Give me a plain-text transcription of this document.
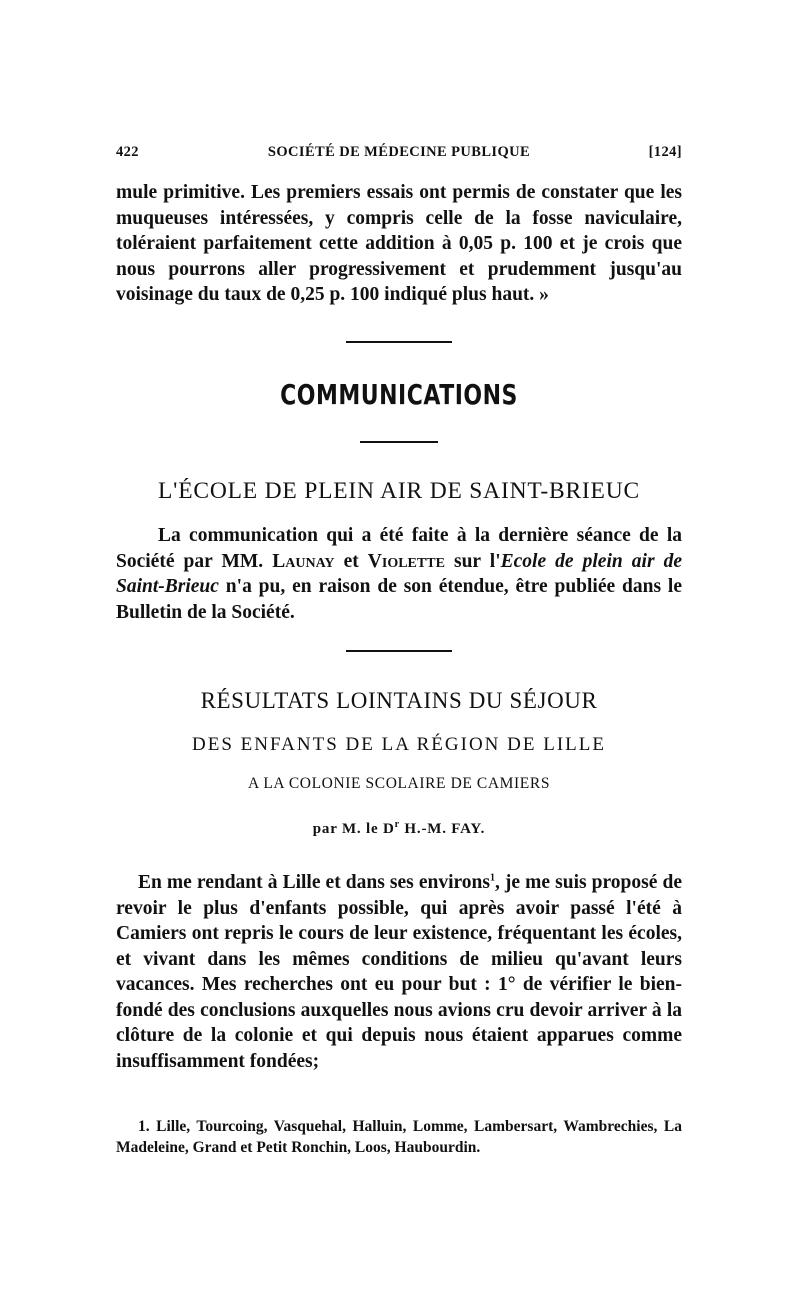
422	SOCIÉTÉ DE MÉDECINE PUBLIQUE	[124]

mule primitive. Les premiers essais ont permis de constater que les muqueuses intéressées, y compris celle de la fosse naviculaire, toléraient parfaitement cette addition à 0,05 p. 100 et je crois que nous pourrons aller progressivement et prudemment jusqu'au voisinage du taux de 0,25 p. 100 indiqué plus haut. »

COMMUNICATIONS
L'ÉCOLE DE PLEIN AIR DE SAINT-BRIEUC

La communication qui a été faite à la dernière séance de la Société par MM. Launay et Violette sur l'Ecole de plein air de Saint-Brieuc n'a pu, en raison de son étendue, être publiée dans le Bulletin de la Société.

RÉSULTATS LOINTAINS DU SÉJOUR
DES ENFANTS DE LA RÉGION DE LILLE
A LA COLONIE SCOLAIRE DE CAMIERS
par M. le $D^r$ H.-M. FAY.

En me rendant à Lille et dans ses environs$^1$, je me suis proposé de revoir le plus d'enfants possible, qui après avoir passé l'été à Camiers ont repris le cours de leur existence, fréquentant les écoles, et vivant dans les mêmes conditions de milieu qu'avant leurs vacances. Mes recherches ont eu pour but : 1° de vérifier le bien-fondé des conclusions auxquelles nous avions cru devoir arriver à la clôture de la colonie et qui depuis nous étaient apparues comme insuffisamment fondées;

1. Lille, Tourcoing, Vasquehal, Halluin, Lomme, Lambersart, Wambrechies, La Madeleine, Grand et Petit Ronchin, Loos, Haubourdin.
